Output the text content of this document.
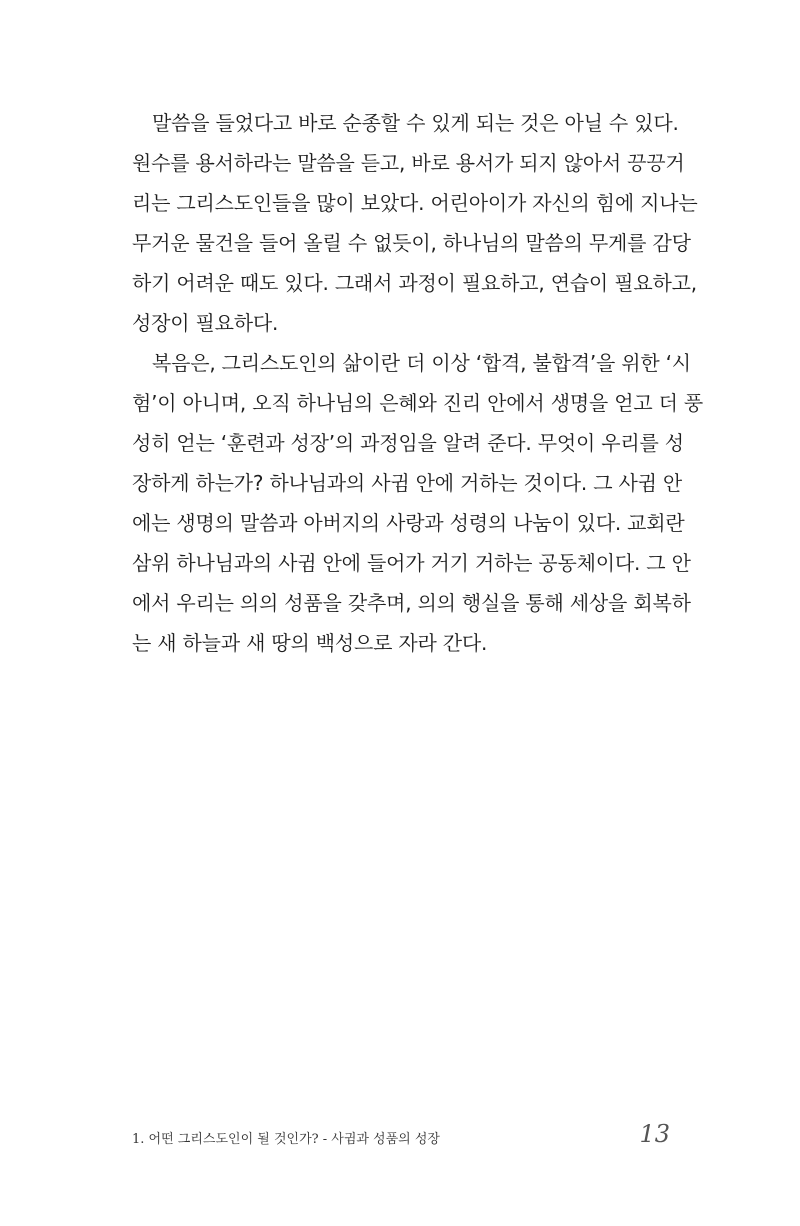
말씀을 들었다고 바로 순종할 수 있게 되는 것은 아닐 수 있다.
원수를 용서하라는 말씀을 듣고, 바로 용서가 되지 않아서 끙끙거
리는 그리스도인들을 많이 보았다. 어린아이가 자신의 힘에 지나는
무거운 물건을 들어 올릴 수 없듯이, 하나님의 말씀의 무게를 감당
하기 어려운 때도 있다. 그래서 과정이 필요하고, 연습이 필요하고,
성장이 필요하다.

복음은, 그리스도인의 삶이란 더 이상 ‘합격, 불합격’을 위한 ‘시
험’이 아니며, 오직 하나님의 은혜와 진리 안에서 생명을 얻고 더 풍
성히 얻는 ‘훈련과 성장’의 과정임을 알려 준다. 무엇이 우리를 성
장하게 하는가? 하나님과의 사귐 안에 거하는 것이다. 그 사귐 안
에는 생명의 말씀과 아버지의 사랑과 성령의 나눔이 있다. 교회란
삼위 하나님과의 사귐 안에 들어가 거기 거하는 공동체이다. 그 안
에서 우리는 의의 성품을 갖추며, 의의 행실을 통해 세상을 회복하
는 새 하늘과 새 땅의 백성으로 자라 간다.

1. 어떤 그리스도인이 될 것인가? - 사귐과 성품의 성장	13
